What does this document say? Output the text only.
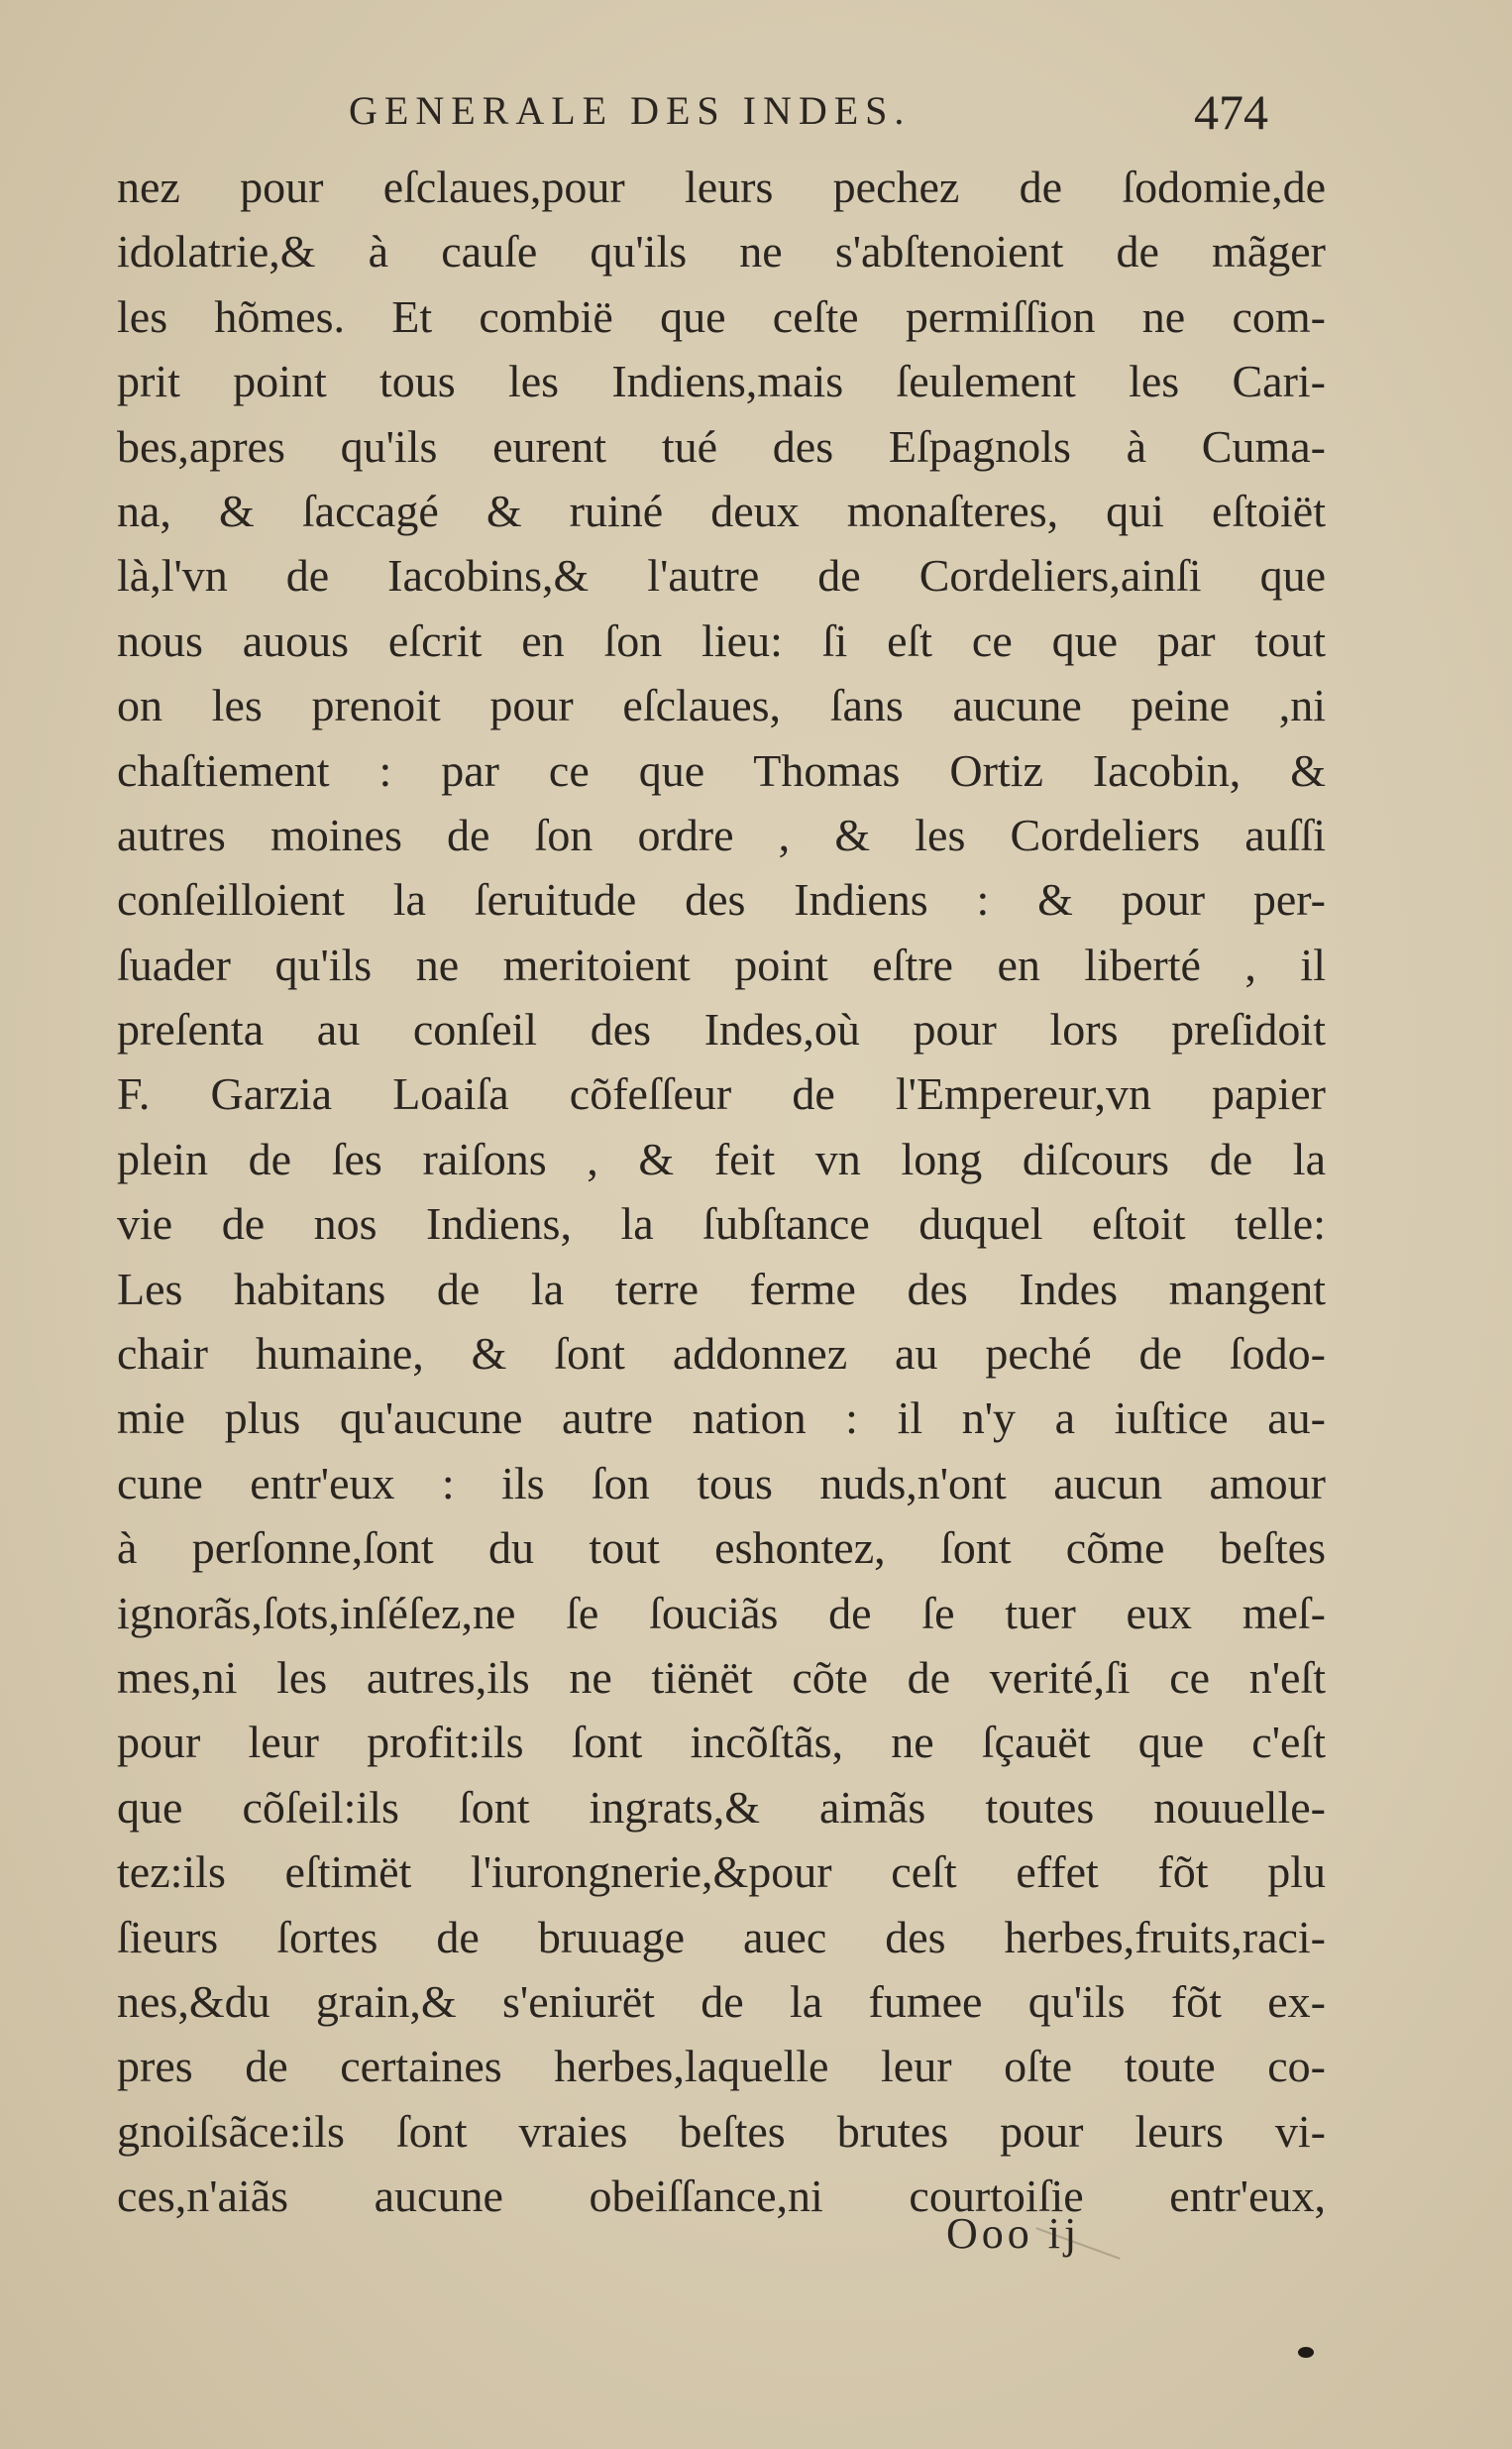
GENERALE DES INDES.	474
nez pour eſclaues,pour leurs pechez de ſodomie,de
idolatrie,& à cauſe qu'ils ne s'abſtenoient de mãger
les hõmes. Et combië que ceſte permiſſion ne com-
prit point tous les Indiens,mais ſeulement les Cari-
bes,apres qu'ils eurent tué des Eſpagnols à Cuma-
na, & ſaccagé & ruiné deux monaſteres, qui eſtoiët
là,l'vn de Iacobins,& l'autre de Cordeliers,ainſi que
nous auous eſcrit en ſon lieu: ſi eſt ce que par tout
on les prenoit pour eſclaues, ſans aucune peine ,ni
chaſtiement : par ce que Thomas Ortiz Iacobin, &
autres moines de ſon ordre , & les Cordeliers auſſi
conſeilloient la ſeruitude des Indiens : & pour per-
ſuader qu'ils ne meritoient point eſtre en liberté , il
preſenta au conſeil des Indes,où pour lors preſidoit
F. Garzia Loaiſa cõfeſſeur de l'Empereur,vn papier
plein de ſes raiſons , & feit vn long diſcours de la
vie de nos Indiens, la ſubſtance duquel eſtoit telle:
Les habitans de la terre ferme des Indes mangent
chair humaine, & ſont addonnez au peché de ſodo-
mie plus qu'aucune autre nation : il n'y a iuſtice au-
cune entr'eux : ils ſon tous nuds,n'ont aucun amour
à perſonne,ſont du tout eshontez, ſont cõme beſtes
ignorãs,ſots,inſéſez,ne ſe ſouciãs de ſe tuer eux meſ-
mes,ni les autres,ils ne tiënët cõte de verité,ſi ce n'eſt
pour leur profit:ils ſont incõſtãs, ne ſçauët que c'eſt
que cõſeil:ils ſont ingrats,& aimãs toutes nouuelle-
tez:ils eſtimët l'iurongnerie,&pour ceſt effet fõt plu
ſieurs ſortes de bruuage auec des herbes,fruits,raci-
nes,&du grain,& s'eniurët de la fumee qu'ils fõt ex-
pres de certaines herbes,laquelle leur oſte toute co-
gnoiſsãce:ils ſont vraies beſtes brutes pour leurs vi-
ces,n'aiãs aucune obeiſſance,ni courtoiſie entr'eux,
Ooo ij
